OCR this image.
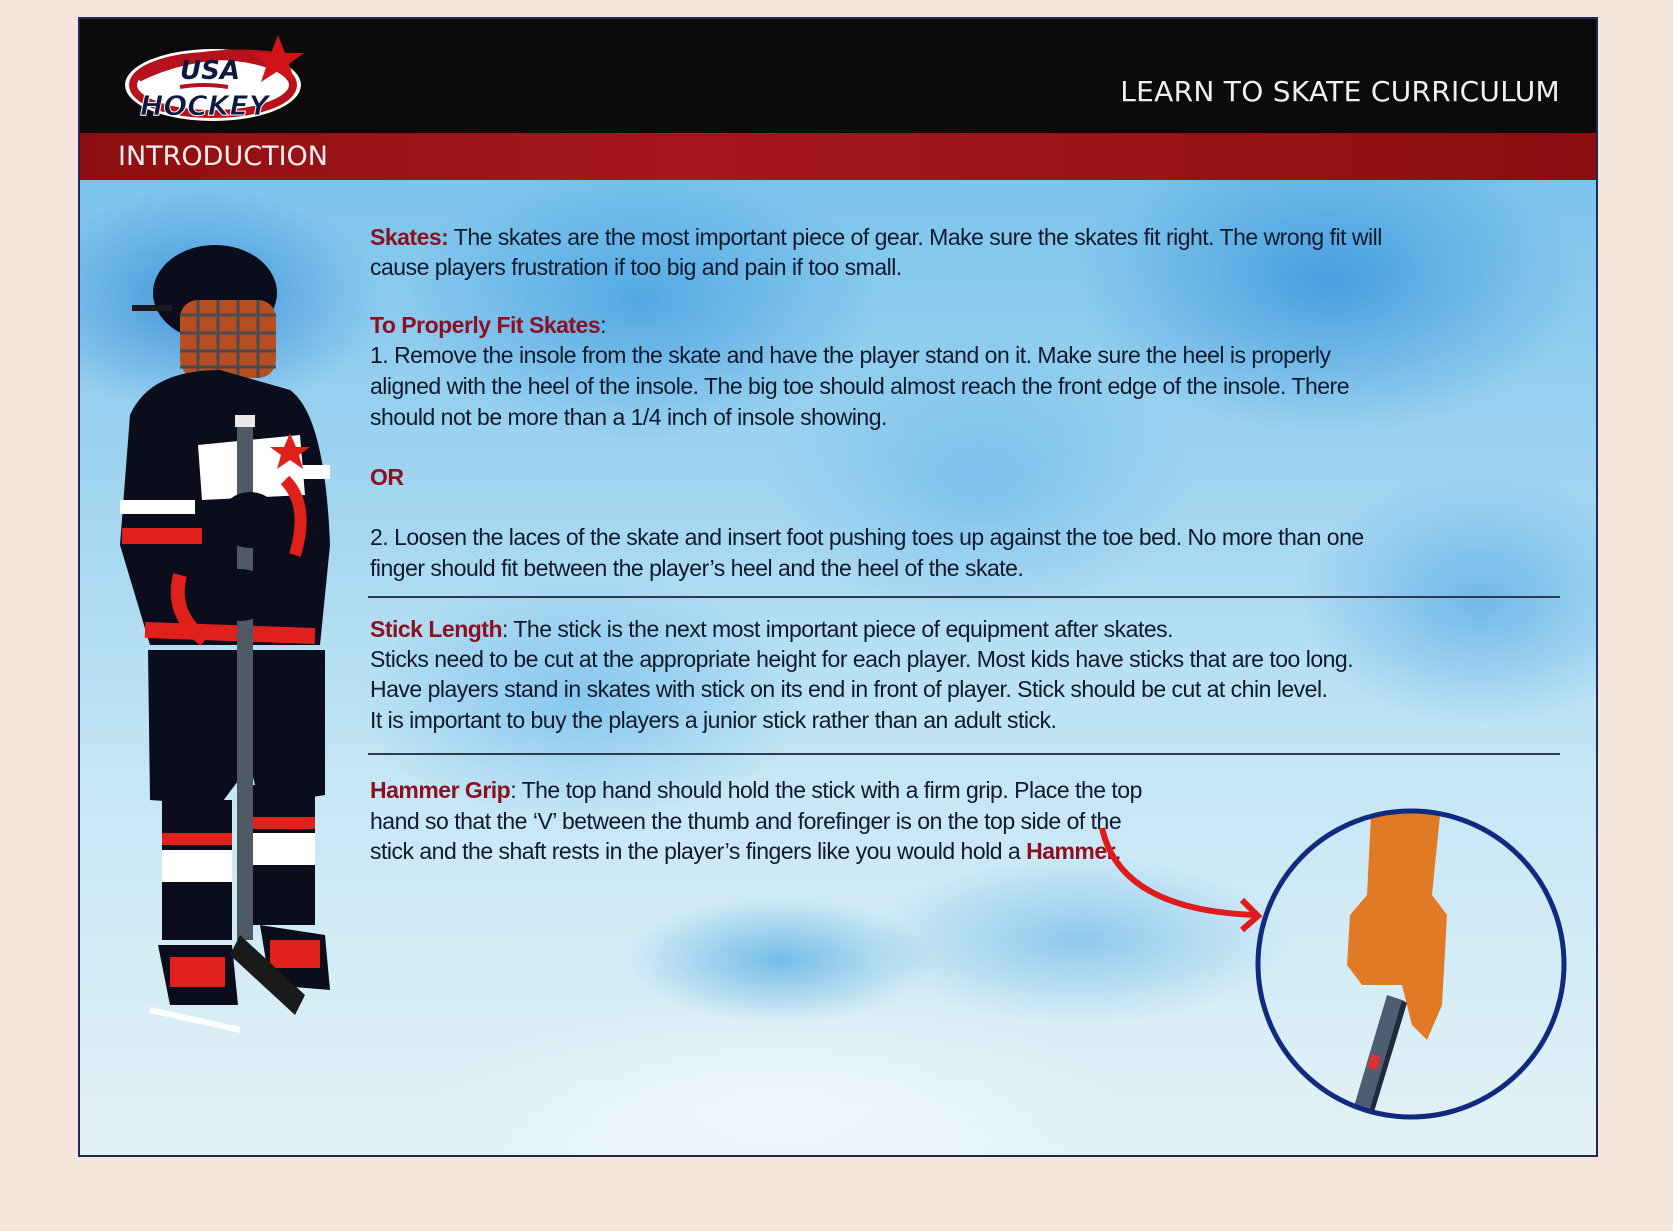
USA
HOCKEY	LEARN TO SKATE CURRICULUM
INTRODUCTION

Skates: The skates are the most important piece of gear. Make sure the skates fit right. The wrong fit will

cause players frustration if too big and pain if too small.

To Properly Fit Skates:

1. Remove the insole from the skate and have the player stand on it. Make sure the heel is properly

aligned with the heel of the insole. The big toe should almost reach the front edge of the insole. There

should not be more than a 1/4 inch of insole showing.

OR

2. Loosen the laces of the skate and insert foot pushing toes up against the toe bed. No more than one

finger should fit between the player’s heel and the heel of the skate.

Stick Length: The stick is the next most important piece of equipment after skates.

Sticks need to be cut at the appropriate height for each player. Most kids have sticks that are too long.

Have players stand in skates with stick on its end in front of player. Stick should be cut at chin level.

It is important to buy the players a junior stick rather than an adult stick.

Hammer Grip: The top hand should hold the stick with a firm grip. Place the top

hand so that the ‘V’ between the thumb and forefinger is on the top side of the

stick and the shaft rests in the player’s fingers like you would hold a Hammer.
